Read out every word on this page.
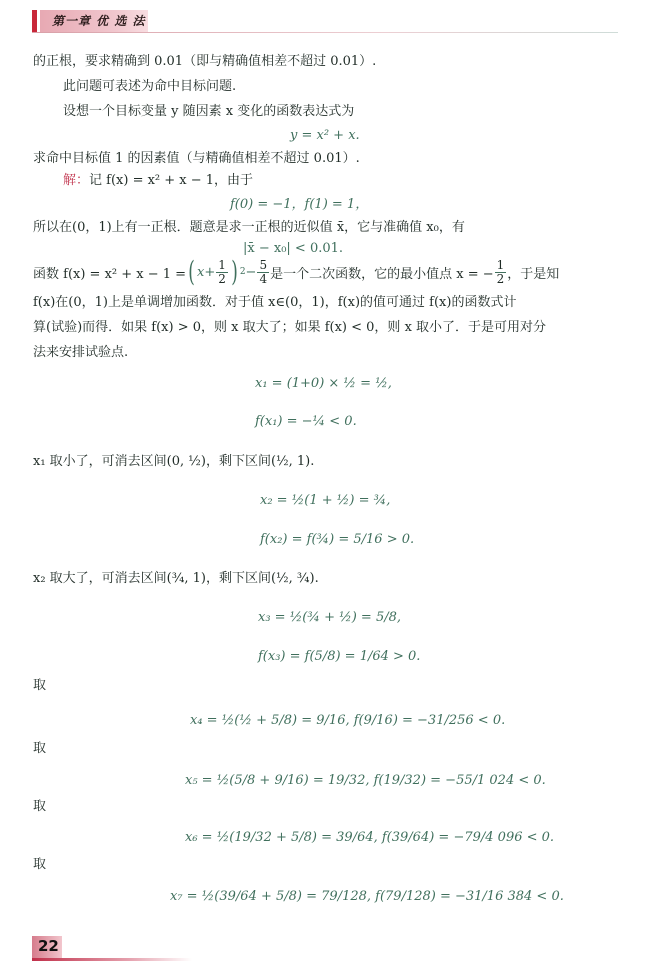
第一章 优 选 法
的正根，要求精确到 0.01（即与精确值相差不超过 0.01）.
此问题可表述为命中目标问题.
设想一个目标变量 y 随因素 x 变化的函数表达式为
y = x² + x.
求命中目标值 1 的因素值（与精确值相差不超过 0.01）.
解：记 f(x) = x² + x − 1，由于
f(0) = −1，f(1) = 1，
所以在(0，1)上有一正根．题意是求一正根的近似值 x̄，它与准确值 x₀，有
|x̄ − x₀| < 0.01.
函数 f(x) = x² + x − 1 = ( $x+ \frac{1}{2}$ ) $2 - \frac{5}{4}$ 是一个二次函数，它的最小值点 x = − $\frac{1}{2}$ ，于是知
f(x)在(0，1)上是单调增加函数．对于值 x∈(0，1)，f(x)的值可通过 f(x)的函数式计
算(试验)而得．如果 f(x) > 0，则 x 取大了；如果 f(x) < 0，则 x 取小了．于是可用对分
法来安排试验点.
x₁ = (1+0) × ½ = ½,
f(x₁) = −¼ < 0.
x₁ 取小了，可消去区间(0, ½)，剩下区间(½, 1).
x₂ = ½(1 + ½) = ¾,
f(x₂) = f(¾) = 5/16 > 0.
x₂ 取大了，可消去区间(¾, 1)，剩下区间(½, ¾).
x₃ = ½(¾ + ½) = 5/8,
f(x₃) = f(5/8) = 1/64 > 0.
取
x₄ = ½(½ + 5/8) = 9/16, f(9/16) = −31/256 < 0.
取
x₅ = ½(5/8 + 9/16) = 19/32, f(19/32) = −55/1 024 < 0.
取
x₆ = ½(19/32 + 5/8) = 39/64, f(39/64) = −79/4 096 < 0.
取
x₇ = ½(39/64 + 5/8) = 79/128, f(79/128) = −31/16 384 < 0.
22
